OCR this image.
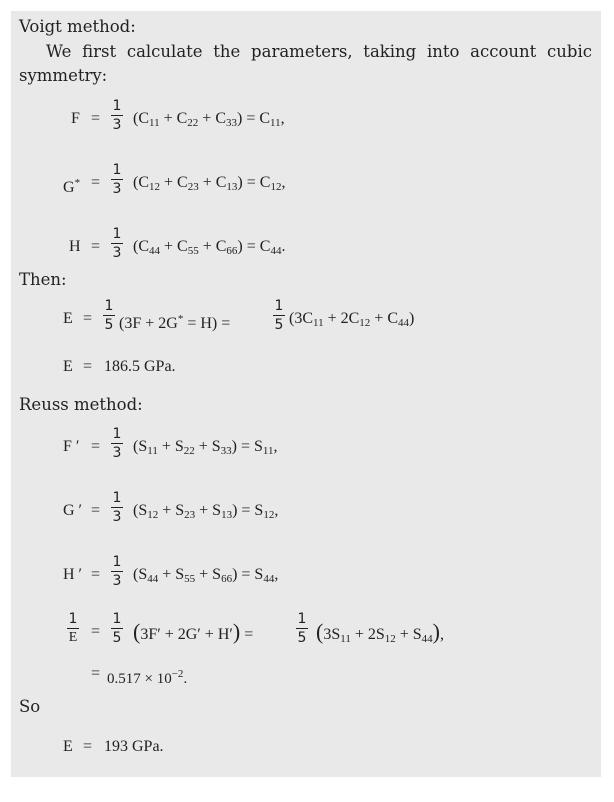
Voigt method:
We first calculate the parameters, taking into account cubic
symmetry:
F =
1
3 $(C_{11} + C_{22} + C_{33}) = C_{11}$,
G* =
1
3 $(C_{12} + C_{23} + C_{13}) = C_{12}$,
H =
1
3 $(C_{44} + C_{55} + C_{66}) = C_{44}$.
Then:
E =
1
5 (3F + 2G* = H) =
1
5 $(3C_{11} + 2C_{12} + C_{44})$
E = 186.5 GPa.
Reuss method:
F ′ =
1
3 $(S_{11} + S_{22} + S_{33}) = S_{11}$,
G ′ =
1
3 $(S_{12} + S_{23} + S_{13}) = S_{12}$,
H ′ =
1
3 $(S_{44} + S_{55} + S_{66}) = S_{44}$,
1
E =
1
5 (3F′ + 2G′ + H′) =
1
5 $(3S_{11} + 2S_{12} + S_{44})$,
= $0.517 \times 10^{-2}$.
So
E = 193 GPa.
